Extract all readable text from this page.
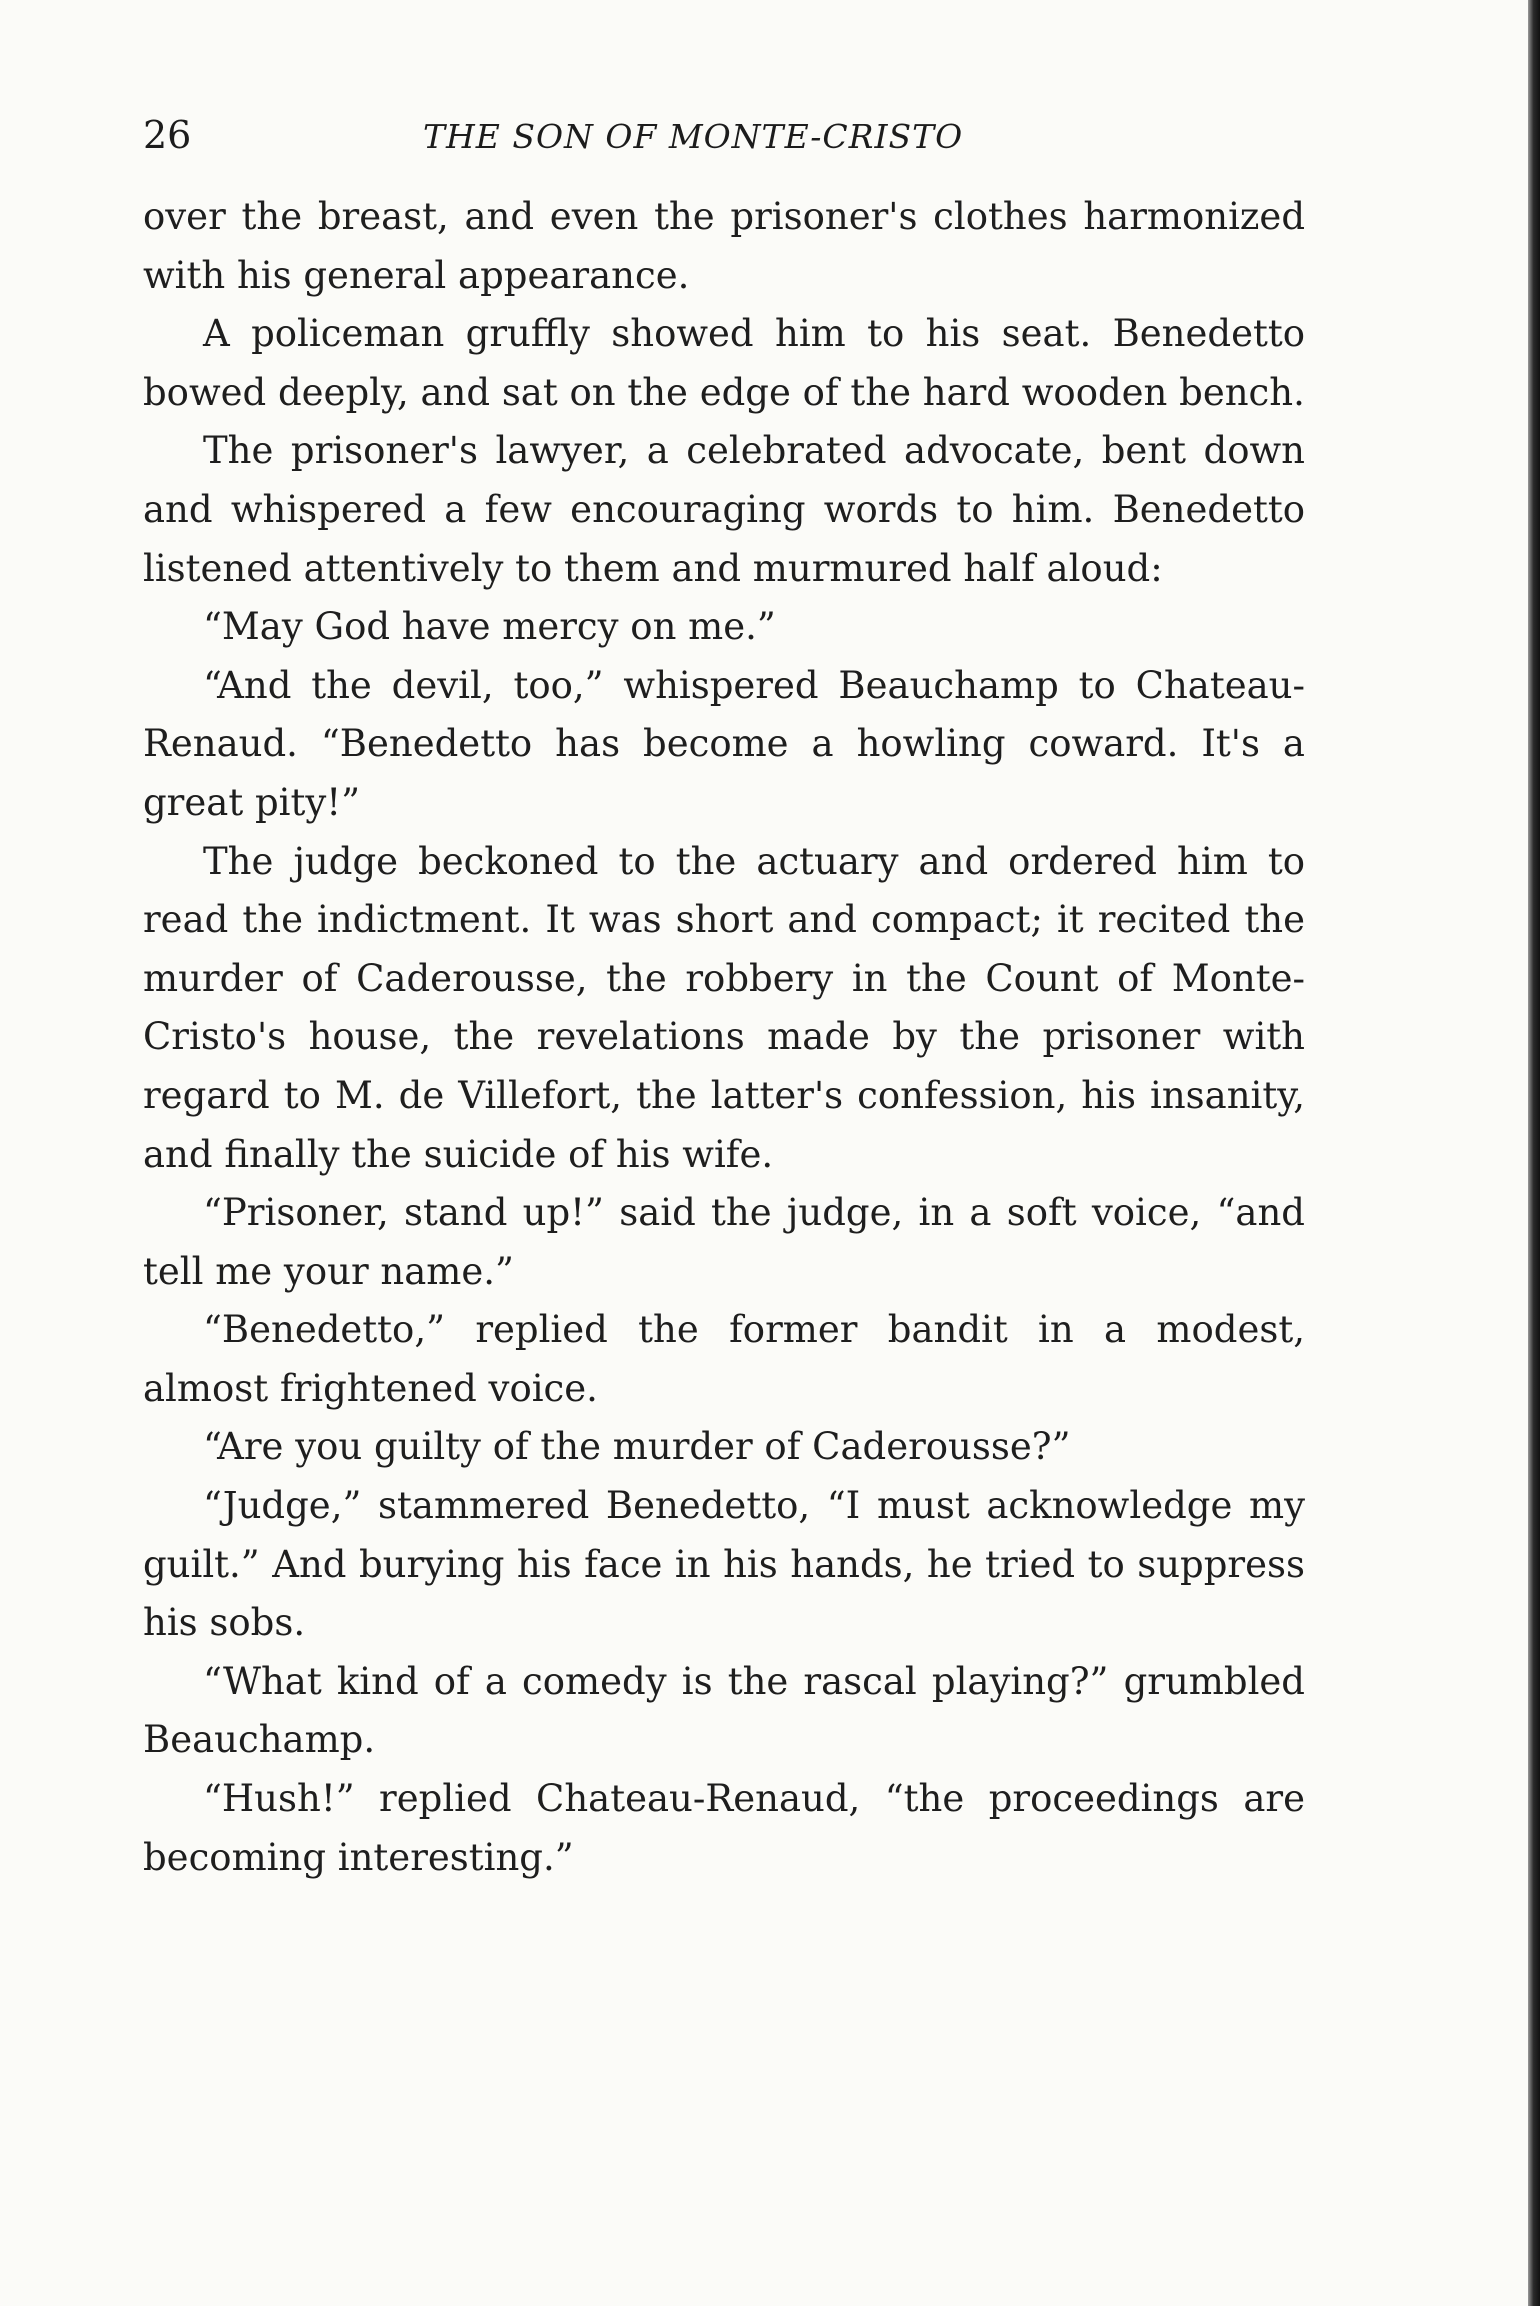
26	THE SON OF MONTE-CRISTO

over the breast, and even the prisoner's clothes harmonized with his general appearance.

A policeman gruffly showed him to his seat. Benedetto bowed deeply, and sat on the edge of the hard wooden bench.

The prisoner's lawyer, a celebrated advocate, bent down and whispered a few encouraging words to him. Benedetto listened attentively to them and murmured half aloud:

“May God have mercy on me.”

“And the devil, too,” whispered Beauchamp to Chateau-Renaud. “Benedetto has become a howling coward. It's a great pity!”

The judge beckoned to the actuary and ordered him to read the indictment. It was short and compact; it recited the murder of Caderousse, the robbery in the Count of Monte-Cristo's house, the revelations made by the prisoner with regard to M. de Villefort, the latter's confession, his insanity, and finally the suicide of his wife.

“Prisoner, stand up!” said the judge, in a soft voice, “and tell me your name.”

“Benedetto,” replied the former bandit in a modest, almost frightened voice.

“Are you guilty of the murder of Caderousse?”

“Judge,” stammered Benedetto, “I must acknowledge my guilt.” And burying his face in his hands, he tried to suppress his sobs.

“What kind of a comedy is the rascal playing?” grumbled Beauchamp.

“Hush!” replied Chateau-Renaud, “the proceedings are becoming interesting.”
